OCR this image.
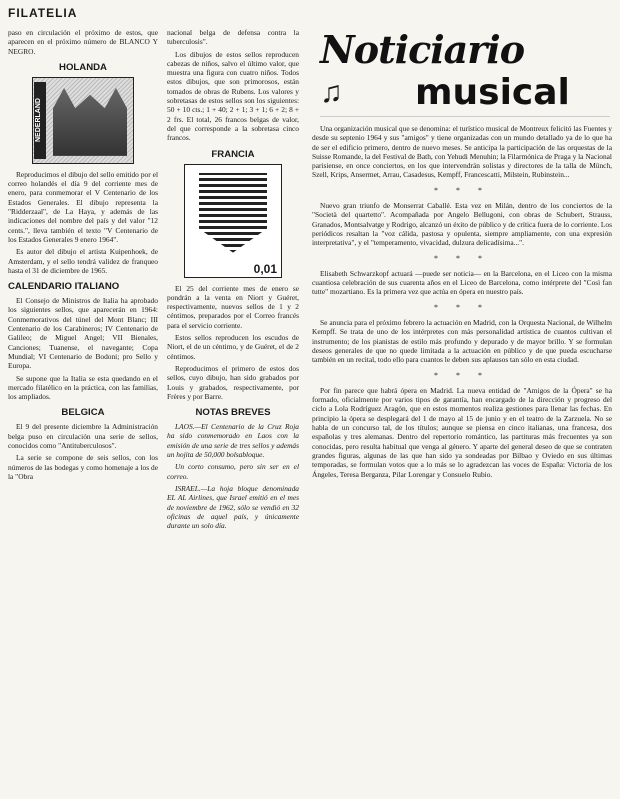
FILATELIA

paso en circulación el próximo de estos, que aparecen en el próximo número de BLANCO Y NEGRO.

HOLANDA
NEDERLAND

Reproducimos el dibujo del sello emitido por el correo holandés el día 9 del corriente mes de enero, para conmemorar el V Centenario de los Estados Generales. El dibujo representa la "Ridderzaal", de La Haya, y además de las indicaciones del nombre del país y del valor "12 cents.", lleva también el texto "V Centenario de los Estados Generales 9 enero 1964".

Es autor del dibujo el artista Kuipenhoek, de Amsterdam, y el sello tendrá validez de franqueo hasta el 31 de diciembre de 1965.

CALENDARIO ITALIANO

El Consejo de Ministros de Italia ha aprobado los siguientes sellos, que aparecerán en 1964: Conmemorativos del túnel del Mont Blanc; III Centenario de los Carabineros; IV Centenario de Galileo; de Miguel Angel; VII Bienales, Canciones; Tuanense, el navegante; Copa Mundial; VI Centenario de Bodoni; pro Sello y Europa.

Se supone que la Italia se esta quedando en el mercado filatélico en la práctica, con las familias, los ampliados.

BELGICA

El 9 del presente diciembre la Administración belga puso en circulación una serie de sellos, conocidos como "Antituberculosos".

La serie se compone de seis sellos, con los números de las bodegas y como homenaje a los de la "Obra

nacional belga de defensa contra la tuberculosis".

Los dibujos de estos sellos reproducen cabezas de niños, salvo el último valor, que muestra una figura con cuatro niños. Todos estos dibujos, que son primorosos, están tomados de obras de Rubens. Los valores y sobretasas de estos sellos son los siguientes: 50 + 10 cts.; 1 + 40; 2 + 1; 3 + 1; 6 + 2; 8 + 2 frs. El total, 26 francos belgas de valor, del que corresponde a la sobretasa cinco francos.

FRANCIA
0,01

El 25 del corriente mes de enero se pondrán a la venta en Niort y Guéret, respectivamente, nuevos sellos de 1 y 2 céntimos, preparados por el Correo francés para el servicio corriente.

Estos sellos reproducen los escudos de Niort, el de un céntimo, y de Guéret, el de 2 céntimos.

Reproducimos el primero de estos dos sellos, cuyo dibujo, han sido grabados por Louis y grabados, respectivamente, por Frères y por Barre.

NOTAS BREVES

LAOS.—El Centenario de la Cruz Roja ha sido conmemorado en Laos con la emisión de una serie de tres sellos y además un hojita de 50,000 bolsabloque.

Un corto consumo, pero sin ser en el correo.

ISRAEL.—La hoja bloque denominada EL AL Airlines, que Israel emitió en el mes de noviembre de 1962, sólo se vendió en 32 oficinas de aquel país, y únicamente durante un solo día.

Noticiario
♫ musical

Una organización musical que se denomina: el turístico musical de Montreux felicitó las Fuentes y desde su septenio 1964 y sus "amigos" y tiene organizadas con un mundo detallado ya de lo que ha de ser el edificio primero, dentro de nuevo meses. Se anticipa la participación de las orquestas de la Suisse Romande, la del Festival de Bath, con Yehudi Menuhin; la Filarmónica de Praga y la Nacional parisiense, en once conciertos, en los que intervendrán solistas y directores de la talla de Münch, Szell, Krips, Ansermet, Arrau, Casadesus, Kempff, Francescatti, Milstein, Rubinstein...

* * *

Nuevo gran triunfo de Monserrat Caballé. Esta vez en Milán, dentro de los conciertos de la "Società del quartetto". Acompañada por Angelo Bellugoni, con obras de Schubert, Strauss, Granados, Montsalvatge y Rodrigo, alcanzó un éxito de público y de crítica fuera de lo corriente. Los periódicos resaltan la "voz cálida, pastosa y opulenta, siempre ampliamente, con una expresión interpretativa", y el "temperamento, vivacidad, dulzura delicadísima...".

* * *

Elisabeth Schwarzkopf actuará —puede ser noticia— en la Barcelona, en el Liceo con la misma cuantiosa celebración de sus cuarenta años en el Liceo de Barcelona, como intérprete del "Così fan tutte" mozartiano. Es la primera vez que actúa en ópera en nuestro país.

* * *

Se anuncia para el próximo febrero la actuación en Madrid, con la Orquesta Nacional, de Wilhelm Kempff. Se trata de uno de los intérpretes con más personalidad artística de cuantos cultivan el instrumento; de los pianistas de estilo más profundo y depurado y de mayor brillo. Y se formulan deseos generales de que no quede limitada a la actuación en público y de que pueda escucharse también en un recital, todo ello para cuantos le deben sus aplausos tan sólo en esta ciudad.

* * *

Por fin parece que habrá ópera en Madrid. La nueva entidad de "Amigos de la Ópera" se ha formado, oficialmente por varios tipos de garantía, han encargado de la dirección y progreso del ciclo a Lola Rodríguez Aragón, que en estos momentos realiza gestiones para llenar las fechas. En principio la ópera se desplegará del 1 de mayo al 15 de junio y en el teatro de la Zarzuela. No se habla de un concurso tal, de los títulos; aunque se piensa en cinco italianas, una francesa, dos españolas y tres alemanas. Dentro del repertorio romántico, las partituras más frecuentes ya son conocidas, pero resulta habitual que venga al género. Y aparte del general deseo de que se contraten grandes figuras, algunas de las que han sido ya sondeadas por Bilbao y Oviedo en sus últimas temporadas, se formulan votos que a lo más se lo agradezcan las voces de España: Victoria de los Ángeles, Teresa Berganza, Pilar Lorengar y Consuelo Rubio.
